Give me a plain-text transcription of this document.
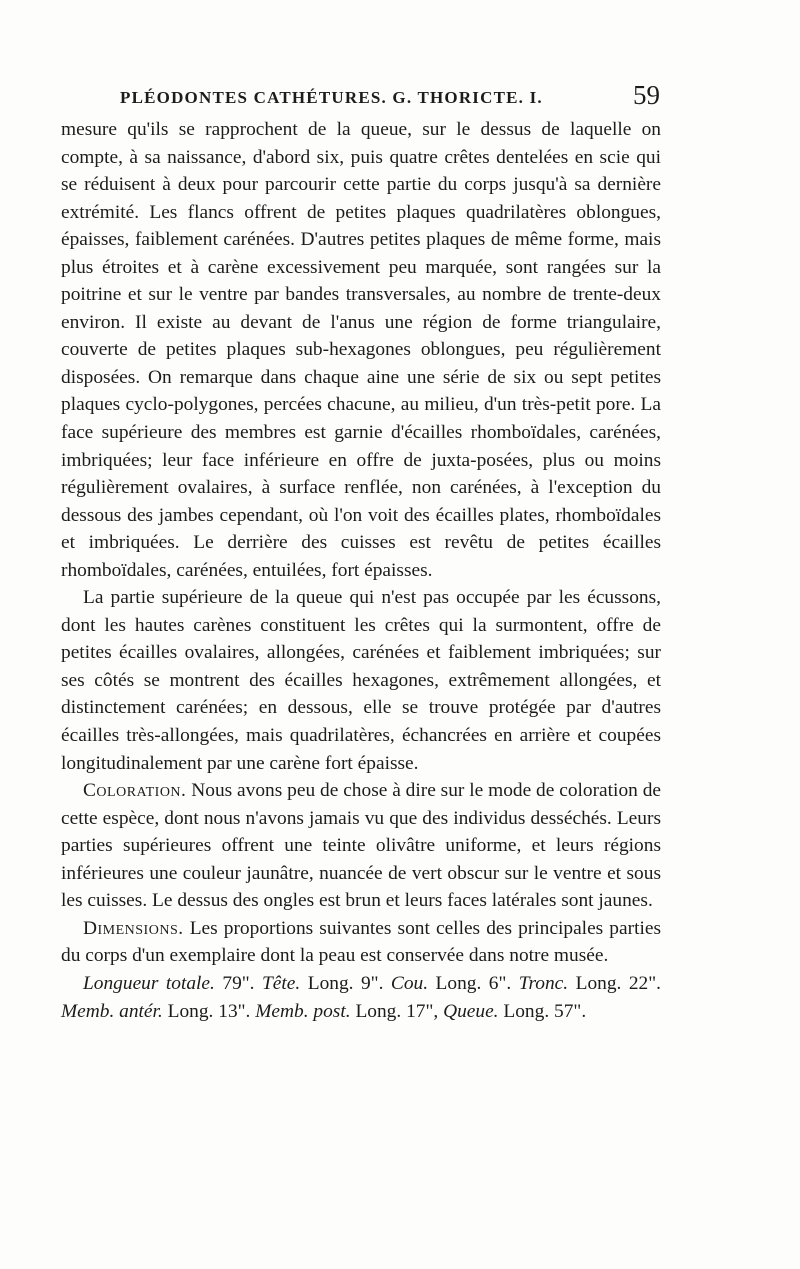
PLÉODONTES CATHÉTURES. G. THORICTE. I.	59

mesure qu'ils se rapprochent de la queue, sur le dessus de laquelle on compte, à sa naissance, d'abord six, puis quatre crêtes dentelées en scie qui se réduisent à deux pour parcourir cette partie du corps jusqu'à sa dernière extrémité. Les flancs offrent de petites plaques quadrilatères oblongues, épaisses, faiblement carénées. D'autres petites plaques de même forme, mais plus étroites et à carène excessivement peu marquée, sont rangées sur la poitrine et sur le ventre par bandes transversales, au nombre de trente-deux environ. Il existe au devant de l'anus une région de forme triangulaire, couverte de petites plaques sub-hexagones oblongues, peu régulièrement disposées. On remarque dans chaque aine une série de six ou sept petites plaques cyclo-polygones, percées chacune, au milieu, d'un très-petit pore. La face supérieure des membres est garnie d'écailles rhomboïdales, carénées, imbriquées; leur face inférieure en offre de juxta-posées, plus ou moins régulièrement ovalaires, à surface renflée, non carénées, à l'exception du dessous des jambes cependant, où l'on voit des écailles plates, rhomboïdales et imbriquées. Le derrière des cuisses est revêtu de petites écailles rhomboïdales, carénées, entuilées, fort épaisses.

La partie supérieure de la queue qui n'est pas occupée par les écussons, dont les hautes carènes constituent les crêtes qui la surmontent, offre de petites écailles ovalaires, allongées, carénées et faiblement imbriquées; sur ses côtés se montrent des écailles hexagones, extrêmement allongées, et distinctement carénées; en dessous, elle se trouve protégée par d'autres écailles très-allongées, mais quadrilatères, échancrées en arrière et coupées longitudinalement par une carène fort épaisse.

Coloration. Nous avons peu de chose à dire sur le mode de coloration de cette espèce, dont nous n'avons jamais vu que des individus desséchés. Leurs parties supérieures offrent une teinte olivâtre uniforme, et leurs régions inférieures une couleur jaunâtre, nuancée de vert obscur sur le ventre et sous les cuisses. Le dessus des ongles est brun et leurs faces latérales sont jaunes.

Dimensions. Les proportions suivantes sont celles des principales parties du corps d'un exemplaire dont la peau est conservée dans notre musée.

Longueur totale. 79". Tête. Long. 9". Cou. Long. 6". Tronc. Long. 22". Memb. antér. Long. 13". Memb. post. Long. 17", Queue. Long. 57".
